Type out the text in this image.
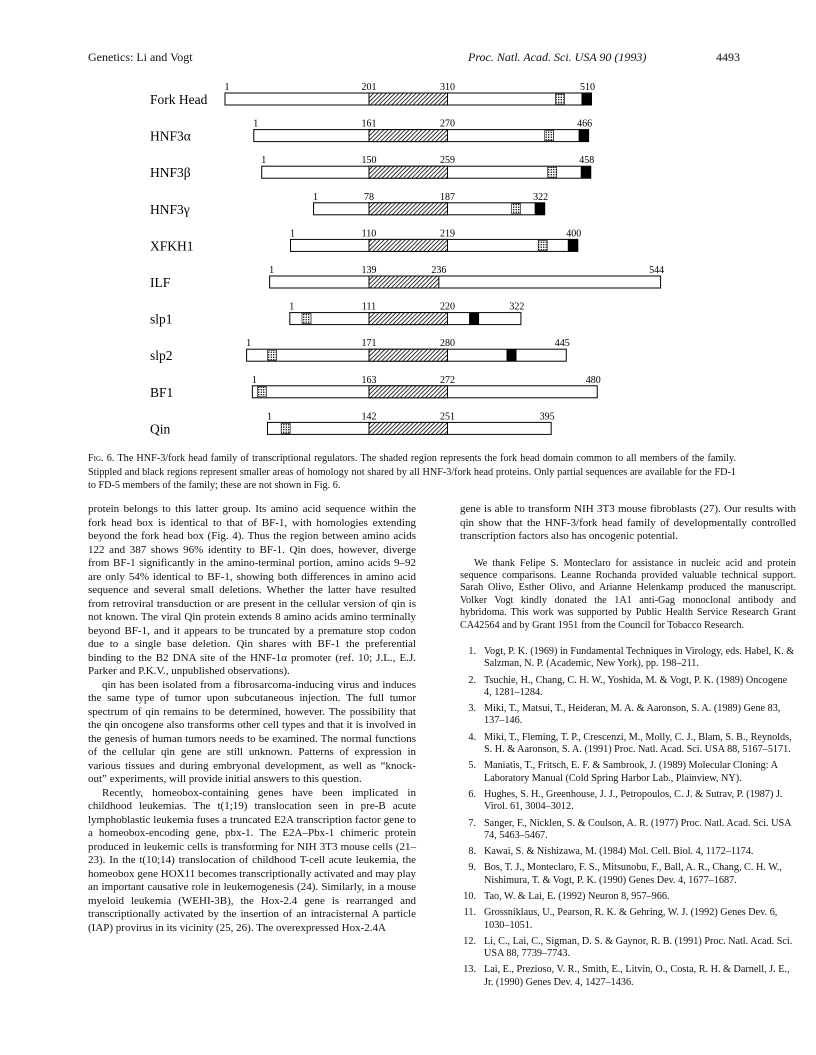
Genetics: Li and Vogt	Proc. Natl. Acad. Sci. USA 90 (1993)	4493
Fork Head
1	201	310	510
HNF3α
1	161	270	466
HNF3β
1	150	259	458
HNF3γ
1	78	187	322
XFKH1
1	110	219	400
ILF
1	139	236	544
slp1
1	111	220	322
slp2
1	171	280	445
BF1
1	163	272	480
Qin
1	142	251	395
Fig. 6. The HNF-3/fork head family of transcriptional regulators. The shaded region represents the fork head domain common to all members of the family. Stippled and black regions represent smaller areas of homology not shared by all HNF-3/fork head proteins. Only partial sequences are available for the FD-1 to FD-5 members of the family; these are not shown in Fig. 6.

protein belongs to this latter group. Its amino acid sequence within the fork head box is identical to that of BF-1, with homologies extending beyond the fork head box (Fig. 4). Thus the region between amino acids 122 and 387 shows 96% identity to BF-1. Qin does, however, diverge from BF-1 significantly in the amino-terminal portion, amino acids 9–92 are only 54% identical to BF-1, showing both differences in amino acid sequence and several small deletions. Whether the latter have resulted from retroviral transduction or are present in the cellular version of qin is not known. The viral Qin protein extends 8 amino acids amino terminally beyond BF-1, and it appears to be truncated by a premature stop codon due to a single base deletion. Qin shares with BF-1 the preferential binding to the B2 DNA site of the HNF-1α promoter (ref. 10; J.L., E.J. Parker and P.K.V., unpublished observations).

qin has been isolated from a fibrosarcoma-inducing virus and induces the same type of tumor upon subcutaneous injection. The full tumor spectrum of qin remains to be determined, however. The possibility that the qin oncogene also transforms other cell types and that it is involved in the genesis of human tumors needs to be examined. The normal functions of the cellular qin gene are still unknown. Patterns of expression in various tissues and during embryonal development, as well as “knock-out” experiments, will provide initial answers to this question.

Recently, homeobox-containing genes have been implicated in childhood leukemias. The t(1;19) translocation seen in pre-B acute lymphoblastic leukemia fuses a truncated E2A transcription factor gene to a homeobox-encoding gene, pbx-1. The E2A–Pbx-1 chimeric protein produced in leukemic cells is transforming for NIH 3T3 mouse cells (21–23). In the t(10;14) translocation of childhood T-cell acute leukemia, the homeobox gene HOX11 becomes transcriptionally activated and may play an important causative role in leukemogenesis (24). Similarly, in a mouse myeloid leukemia (WEHI-3B), the Hox-2.4 gene is rearranged and transcriptionally activated by the insertion of an intracisternal A particle (IAP) provirus in its vicinity (25, 26). The overexpressed Hox-2.4A

gene is able to transform NIH 3T3 mouse fibroblasts (27). Our results with qin show that the HNF-3/fork head family of developmentally controlled transcription factors also has oncogenic potential.

We thank Felipe S. Monteclaro for assistance in nucleic acid and protein sequence comparisons. Leanne Rochanda provided valuable technical support. Sarah Olivo, Esther Olivo, and Arianne Helenkamp produced the manuscript. Volker Vogt kindly donated the 1A1 anti-Gag monoclonal antibody and hybridoma. This work was supported by Public Health Service Research Grant CA42564 and by Grant 1951 from the Council for Tobacco Research.

1. Vogt, P. K. (1969) in Fundamental Techniques in Virology, eds. Habel, K. & Salzman, N. P. (Academic, New York), pp. 198–211.
2. Tsuchie, H., Chang, C. H. W., Yoshida, M. & Vogt, P. K. (1989) Oncogene 4, 1281–1284.
3. Miki, T., Matsui, T., Heideran, M. A. & Aaronson, S. A. (1989) Gene 83, 137–146.
4. Miki, T., Fleming, T. P., Crescenzi, M., Molly, C. J., Blam, S. B., Reynolds, S. H. & Aaronson, S. A. (1991) Proc. Natl. Acad. Sci. USA 88, 5167–5171.
5. Maniatis, T., Fritsch, E. F. & Sambrook, J. (1989) Molecular Cloning: A Laboratory Manual (Cold Spring Harbor Lab., Plainview, NY).
6. Hughes, S. H., Greenhouse, J. J., Petropoulos, C. J. & Sutrav, P. (1987) J. Virol. 61, 3004–3012.
7. Sanger, F., Nicklen, S. & Coulson, A. R. (1977) Proc. Natl. Acad. Sci. USA 74, 5463–5467.
8. Kawai, S. & Nishizawa, M. (1984) Mol. Cell. Biol. 4, 1172–1174.
9. Bos, T. J., Monteclaro, F. S., Mitsunobu, F., Ball, A. R., Chang, C. H. W., Nishimura, T. & Vogt, P. K. (1990) Genes Dev. 4, 1677–1687.
10. Tao, W. & Lai, E. (1992) Neuron 8, 957–966.
11. Grossniklaus, U., Pearson, R. K. & Gehring, W. J. (1992) Genes Dev. 6, 1030–1051.
12. Li, C., Lai, C., Sigman, D. S. & Gaynor, R. B. (1991) Proc. Natl. Acad. Sci. USA 88, 7739–7743.
13. Lai, E., Prezioso, V. R., Smith, E., Litvin, O., Costa, R. H. & Darnell, J. E., Jr. (1990) Genes Dev. 4, 1427–1436.
